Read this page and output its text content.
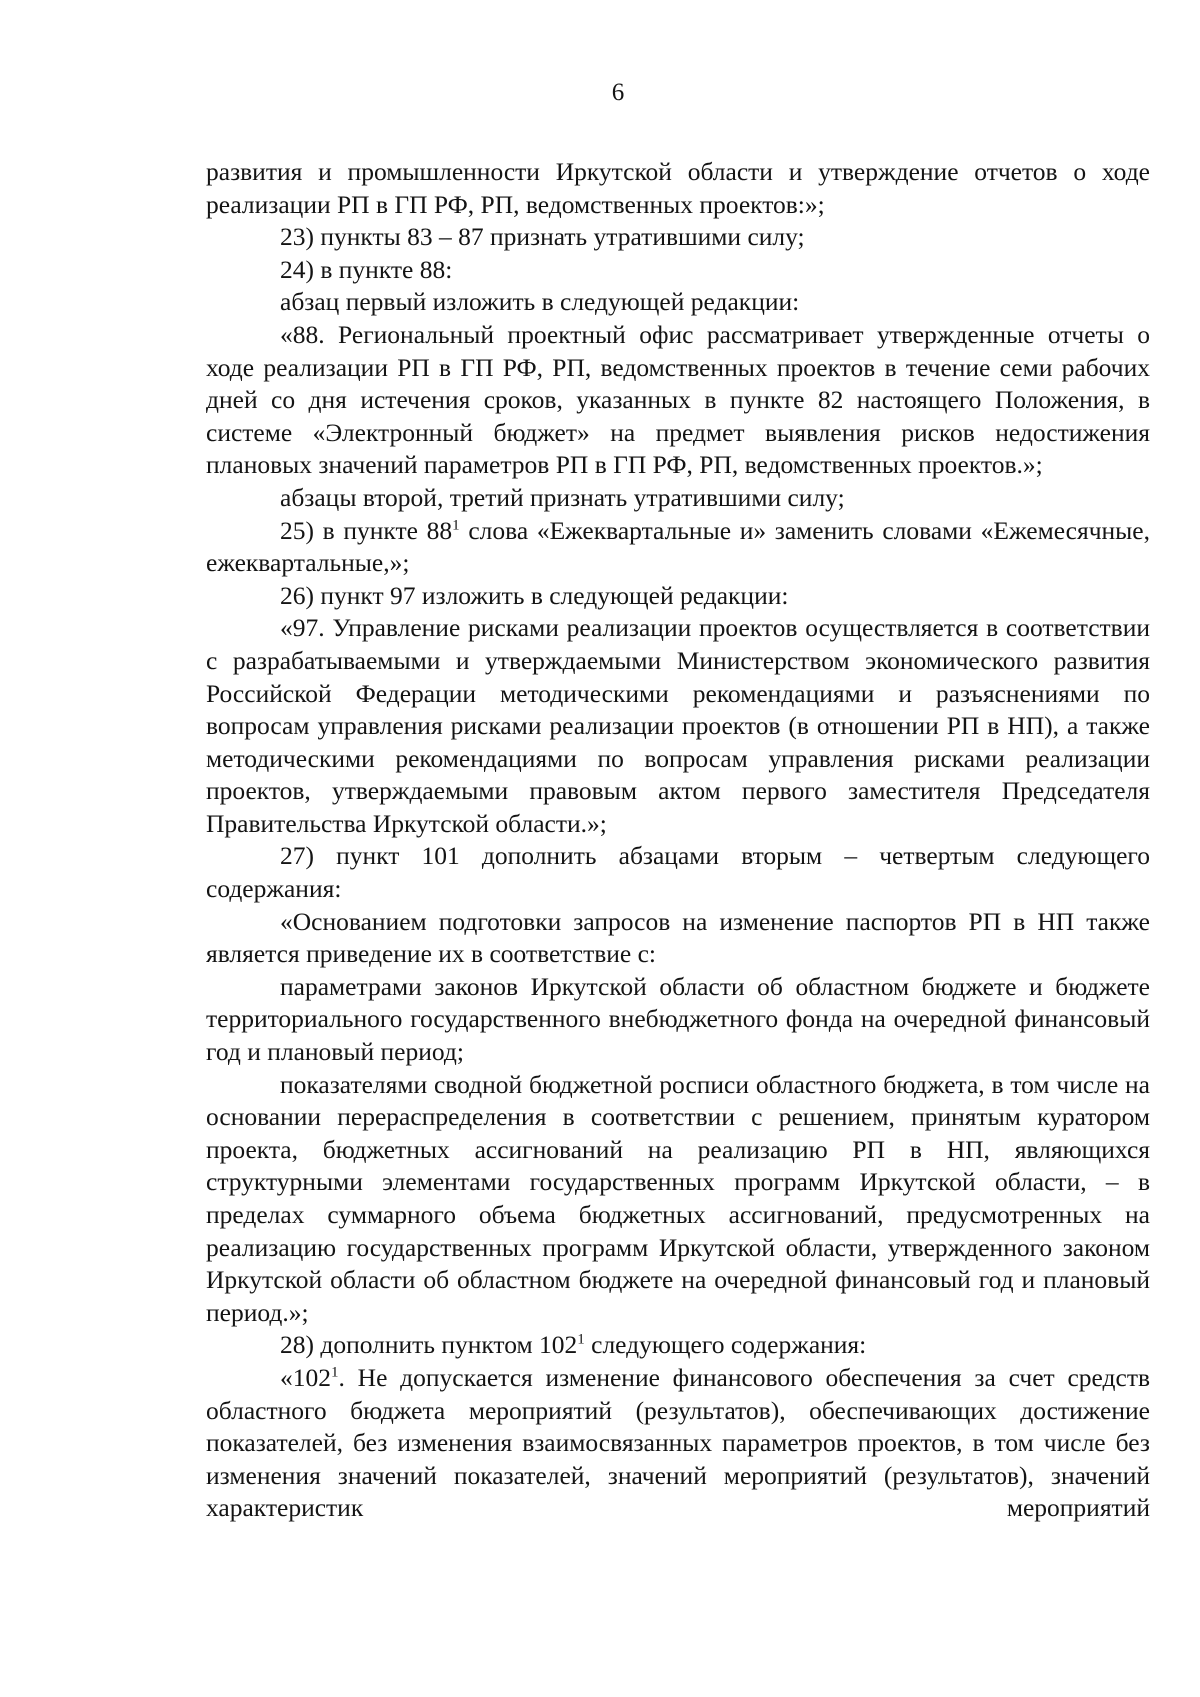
6

развития и промышленности Иркутской области и утверждение отчетов о ходе реализации РП в ГП РФ, РП, ведомственных проектов:»;

23) пункты 83 – 87 признать утратившими силу;

24) в пункте 88:

абзац первый изложить в следующей редакции:

«88. Региональный проектный офис рассматривает утвержденные отчеты о ходе реализации РП в ГП РФ, РП, ведомственных проектов в течение семи рабочих дней со дня истечения сроков, указанных в пункте 82 настоящего Положения, в системе «Электронный бюджет» на предмет выявления рисков недостижения плановых значений параметров РП в ГП РФ, РП, ведомственных проектов.»;

абзацы второй, третий признать утратившими силу;

25) в пункте $88^1$ слова «Ежеквартальные и» заменить словами «Ежемесячные, ежеквартальные,»;

26) пункт 97 изложить в следующей редакции:

«97. Управление рисками реализации проектов осуществляется в соответствии с разрабатываемыми и утверждаемыми Министерством экономического развития Российской Федерации методическими рекомендациями и разъяснениями по вопросам управления рисками реализации проектов (в отношении РП в НП), а также методическими рекомендациями по вопросам управления рисками реализации проектов, утверждаемыми правовым актом первого заместителя Председателя Правительства Иркутской области.»;

27) пункт 101 дополнить абзацами вторым – четвертым следующего содержания:

«Основанием подготовки запросов на изменение паспортов РП в НП также является приведение их в соответствие с:

параметрами законов Иркутской области об областном бюджете и бюджете территориального государственного внебюджетного фонда на очередной финансовый год и плановый период;

показателями сводной бюджетной росписи областного бюджета, в том числе на основании перераспределения в соответствии с решением, принятым куратором проекта, бюджетных ассигнований на реализацию РП в НП, являющихся структурными элементами государственных программ Иркутской области, – в пределах суммарного объема бюджетных ассигнований, предусмотренных на реализацию государственных программ Иркутской области, утвержденного законом Иркутской области об областном бюджете на очередной финансовый год и плановый период.»;

28) дополнить пунктом $102^1$ следующего содержания:

«$102^1$. Не допускается изменение финансового обеспечения за счет средств областного бюджета мероприятий (результатов), обеспечивающих достижение показателей, без изменения взаимосвязанных параметров проектов, в том числе без изменения значений показателей, значений мероприятий (результатов), значений характеристик мероприятий
